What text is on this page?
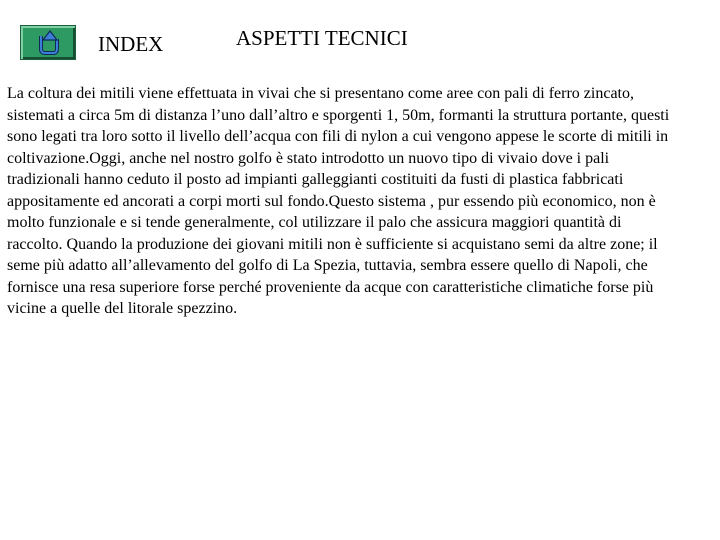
INDEX	ASPETTI TECNICI

La coltura dei mitili viene effettuata in vivai che si presentano come aree con pali di ferro zincato, sistemati a circa 5m di distanza l’uno dall’altro e sporgenti 1, 50m, formanti la struttura portante, questi sono legati tra loro sotto il livello dell’acqua con fili di nylon a cui vengono appese le scorte di mitili in coltivazione.Oggi, anche nel nostro golfo è stato introdotto un nuovo tipo di vivaio dove i pali tradizionali hanno ceduto il posto ad impianti galleggianti costituiti da fusti di plastica fabbricati appositamente ed ancorati a corpi morti sul fondo.Questo sistema , pur essendo più economico, non è molto funzionale e si tende generalmente, col utilizzare il palo che assicura maggiori quantità di raccolto. Quando la produzione dei giovani mitili non è sufficiente si acquistano semi da altre zone; il seme più adatto all’allevamento del golfo di La Spezia, tuttavia, sembra essere quello di Napoli, che fornisce una resa superiore forse perché proveniente da acque con caratteristiche climatiche forse più vicine a quelle del litorale spezzino.
